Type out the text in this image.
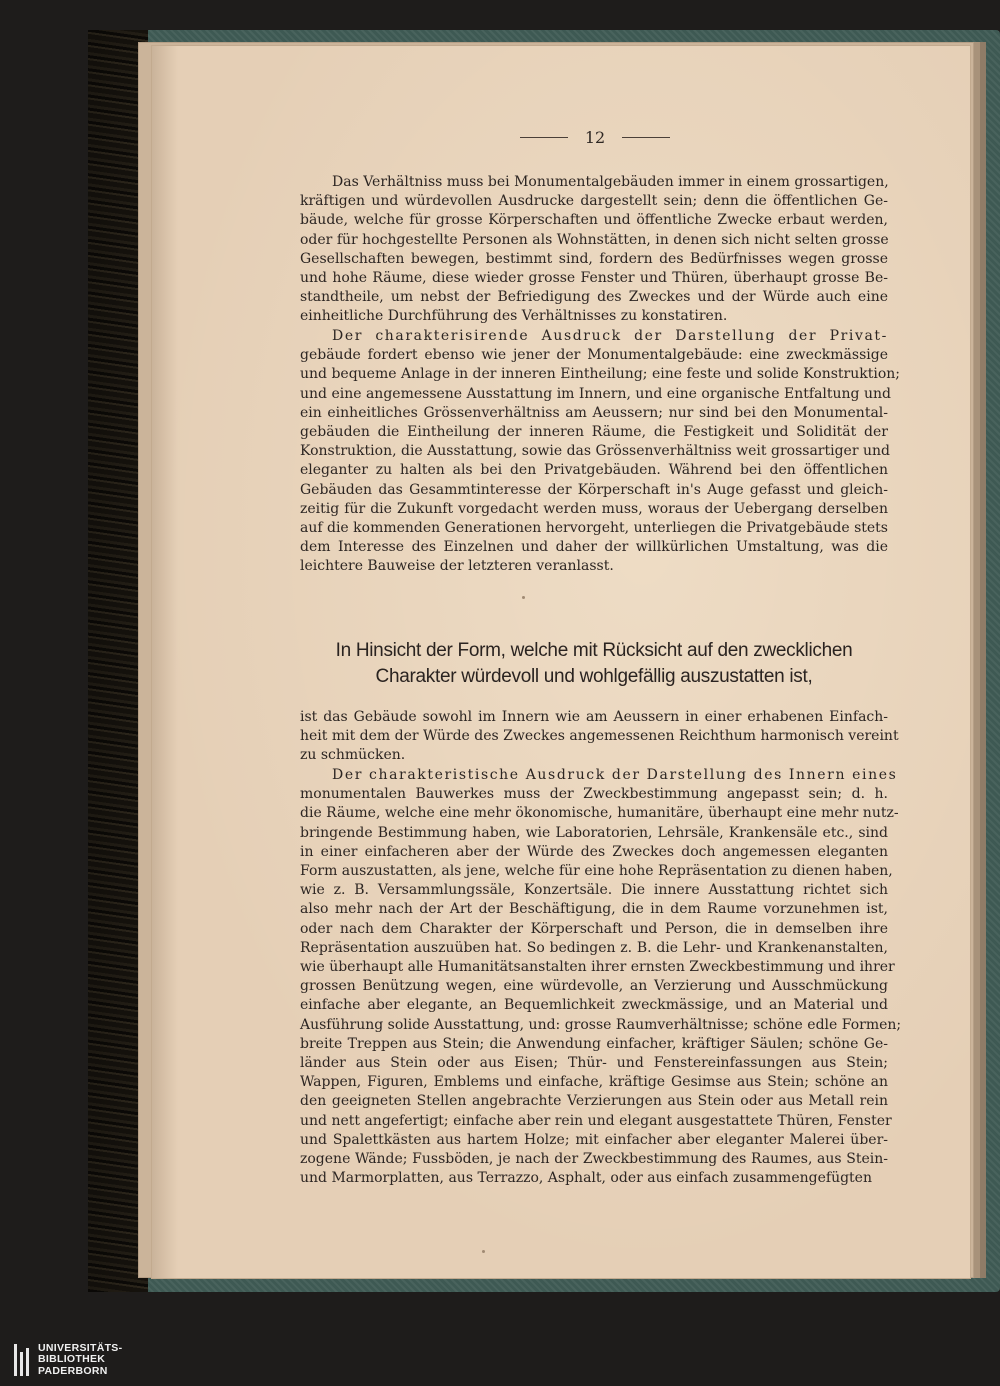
12

Das Verhältniss muss bei Monumentalgebäuden immer in einem grossartigen,
kräftigen und würdevollen Ausdrucke dargestellt sein; denn die öffentlichen Ge-
bäude, welche für grosse Körperschaften und öffentliche Zwecke erbaut werden,
oder für hochgestellte Personen als Wohnstätten, in denen sich nicht selten grosse
Gesellschaften bewegen, bestimmt sind, fordern des Bedürfnisses wegen grosse
und hohe Räume, diese wieder grosse Fenster und Thüren, überhaupt grosse Be-
standtheile, um nebst der Befriedigung des Zweckes und der Würde auch eine
einheitliche Durchführung des Verhältnisses zu konstatiren.

Der charakterisirende Ausdruck der Darstellung der Privat-
gebäude fordert ebenso wie jener der Monumentalgebäude: eine zweckmässige
und bequeme Anlage in der inneren Eintheilung; eine feste und solide Konstruktion;
und eine angemessene Ausstattung im Innern, und eine organische Entfaltung und
ein einheitliches Grössenverhältniss am Aeussern; nur sind bei den Monumental-
gebäuden die Eintheilung der inneren Räume, die Festigkeit und Solidität der
Konstruktion, die Ausstattung, sowie das Grössenverhältniss weit grossartiger und
eleganter zu halten als bei den Privatgebäuden. Während bei den öffentlichen
Gebäuden das Gesammtinteresse der Körperschaft in's Auge gefasst und gleich-
zeitig für die Zukunft vorgedacht werden muss, woraus der Uebergang derselben
auf die kommenden Generationen hervorgeht, unterliegen die Privatgebäude stets
dem Interesse des Einzelnen und daher der willkürlichen Umstaltung, was die
leichtere Bauweise der letzteren veranlasst.

In Hinsicht der Form, welche mit Rücksicht auf den zwecklichen
Charakter würdevoll und wohlgefällig auszustatten ist,

ist das Gebäude sowohl im Innern wie am Aeussern in einer erhabenen Einfach-
heit mit dem der Würde des Zweckes angemessenen Reichthum harmonisch vereint
zu schmücken.

Der charakteristische Ausdruck der Darstellung des Innern eines
monumentalen Bauwerkes muss der Zweckbestimmung angepasst sein; d. h.
die Räume, welche eine mehr ökonomische, humanitäre, überhaupt eine mehr nutz-
bringende Bestimmung haben, wie Laboratorien, Lehrsäle, Krankensäle etc., sind
in einer einfacheren aber der Würde des Zweckes doch angemessen eleganten
Form auszustatten, als jene, welche für eine hohe Repräsentation zu dienen haben,
wie z. B. Versammlungssäle, Konzertsäle. Die innere Ausstattung richtet sich
also mehr nach der Art der Beschäftigung, die in dem Raume vorzunehmen ist,
oder nach dem Charakter der Körperschaft und Person, die in demselben ihre
Repräsentation auszuüben hat. So bedingen z. B. die Lehr- und Krankenanstalten,
wie überhaupt alle Humanitätsanstalten ihrer ernsten Zweckbestimmung und ihrer
grossen Benützung wegen, eine würdevolle, an Verzierung und Ausschmückung
einfache aber elegante, an Bequemlichkeit zweckmässige, und an Material und
Ausführung solide Ausstattung, und: grosse Raumverhältnisse; schöne edle Formen;
breite Treppen aus Stein; die Anwendung einfacher, kräftiger Säulen; schöne Ge-
länder aus Stein oder aus Eisen; Thür- und Fenstereinfassungen aus Stein;
Wappen, Figuren, Emblems und einfache, kräftige Gesimse aus Stein; schöne an
den geeigneten Stellen angebrachte Verzierungen aus Stein oder aus Metall rein
und nett angefertigt; einfache aber rein und elegant ausgestattete Thüren, Fenster
und Spalettkästen aus hartem Holze; mit einfacher aber eleganter Malerei über-
zogene Wände; Fussböden, je nach der Zweckbestimmung des Raumes, aus Stein-
und Marmorplatten, aus Terrazzo, Asphalt, oder aus einfach zusammengefügten

UNIVERSITÄTS-
BIBLIOTHEK
PADERBORN
